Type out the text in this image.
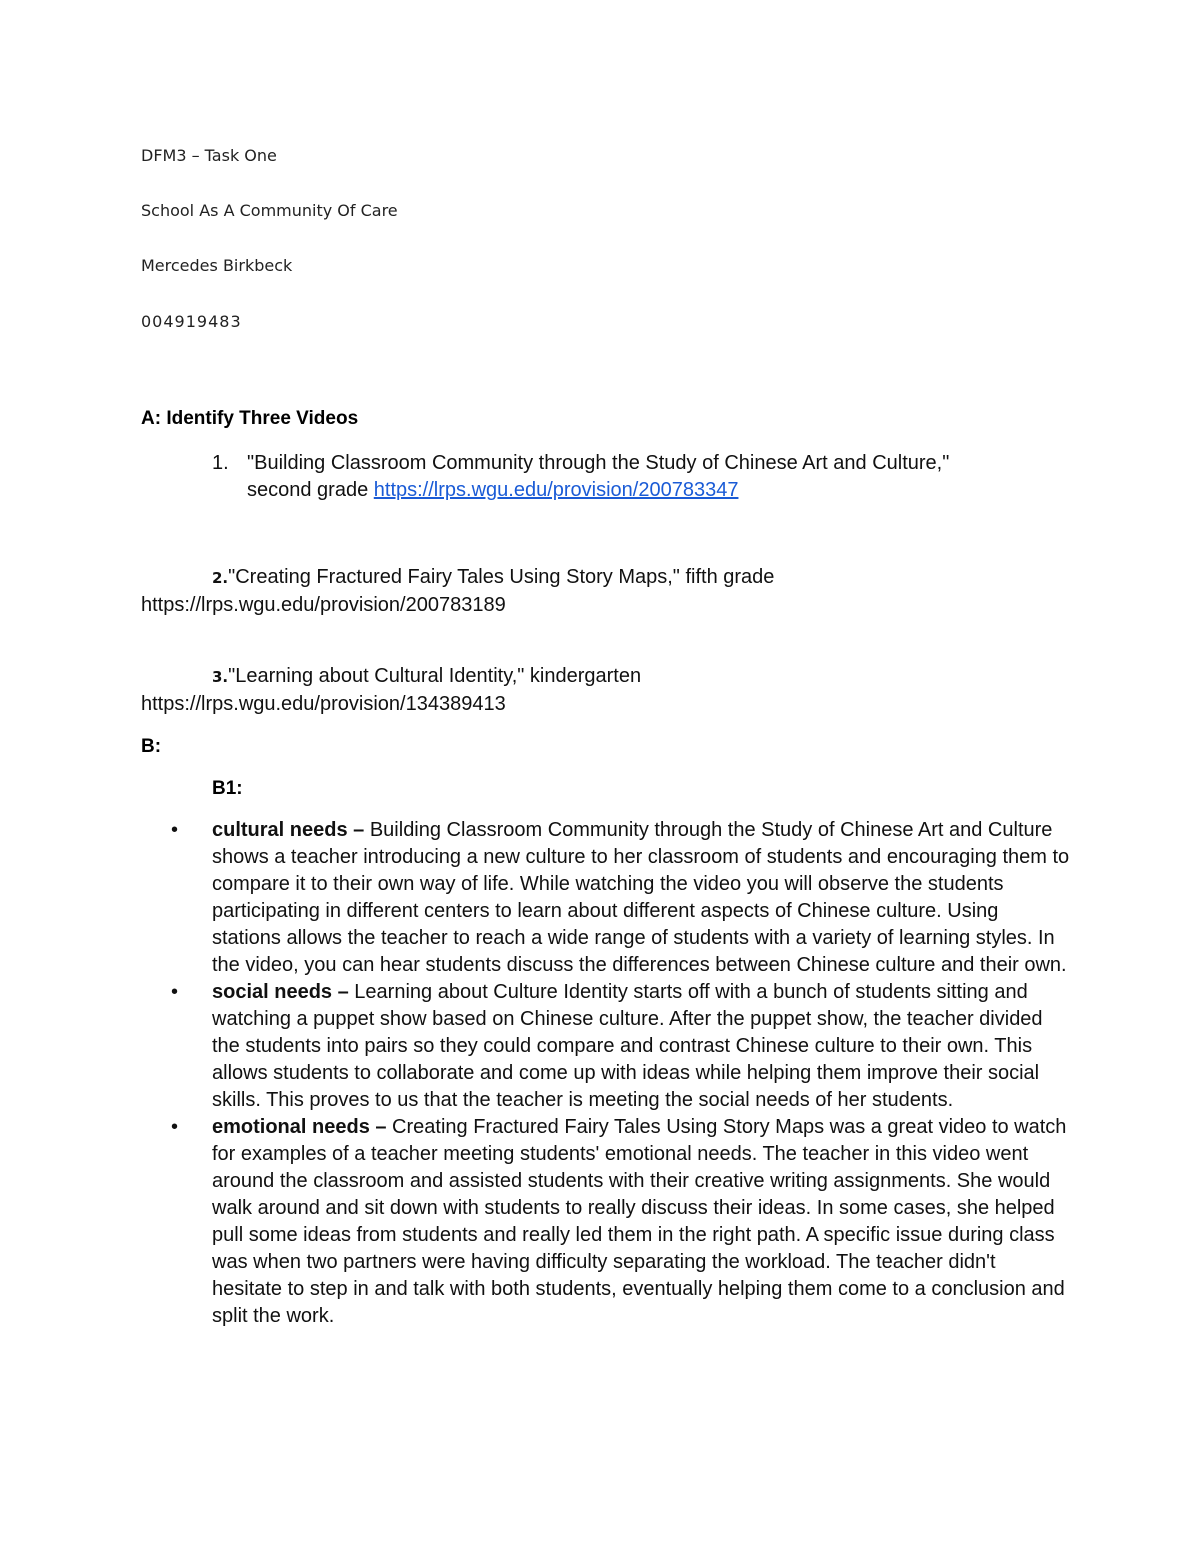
DFM3 – Task One
School As A Community Of Care
Mercedes Birkbeck
004919483
A: Identify Three Videos
1. "Building Classroom Community through the Study of Chinese Art and Culture,"
second grade https://lrps.wgu.edu/provision/200783347
2."Creating Fractured Fairy Tales Using Story Maps," fifth grade
https://lrps.wgu.edu/provision/200783189
3."Learning about Cultural Identity," kindergarten
https://lrps.wgu.edu/provision/134389413
B:
B1:
• cultural needs – Building Classroom Community through the Study of Chinese Art and Culture shows a teacher introducing a new culture to her classroom of students and encouraging them to compare it to their own way of life. While watching the video you will observe the students participating in different centers to learn about different aspects of Chinese culture. Using stations allows the teacher to reach a wide range of students with a variety of learning styles. In the video, you can hear students discuss the differences between Chinese culture and their own.
• social needs – Learning about Culture Identity starts off with a bunch of students sitting and watching a puppet show based on Chinese culture. After the puppet show, the teacher divided the students into pairs so they could compare and contrast Chinese culture to their own. This allows students to collaborate and come up with ideas while helping them improve their social skills. This proves to us that the teacher is meeting the social needs of her students.
• emotional needs – Creating Fractured Fairy Tales Using Story Maps was a great video to watch for examples of a teacher meeting students' emotional needs. The teacher in this video went around the classroom and assisted students with their creative writing assignments. She would walk around and sit down with students to really discuss their ideas. In some cases, she helped pull some ideas from students and really led them in the right path. A specific issue during class was when two partners were having difficulty separating the workload. The teacher didn't hesitate to step in and talk with both students, eventually helping them come to a conclusion and split the work.
